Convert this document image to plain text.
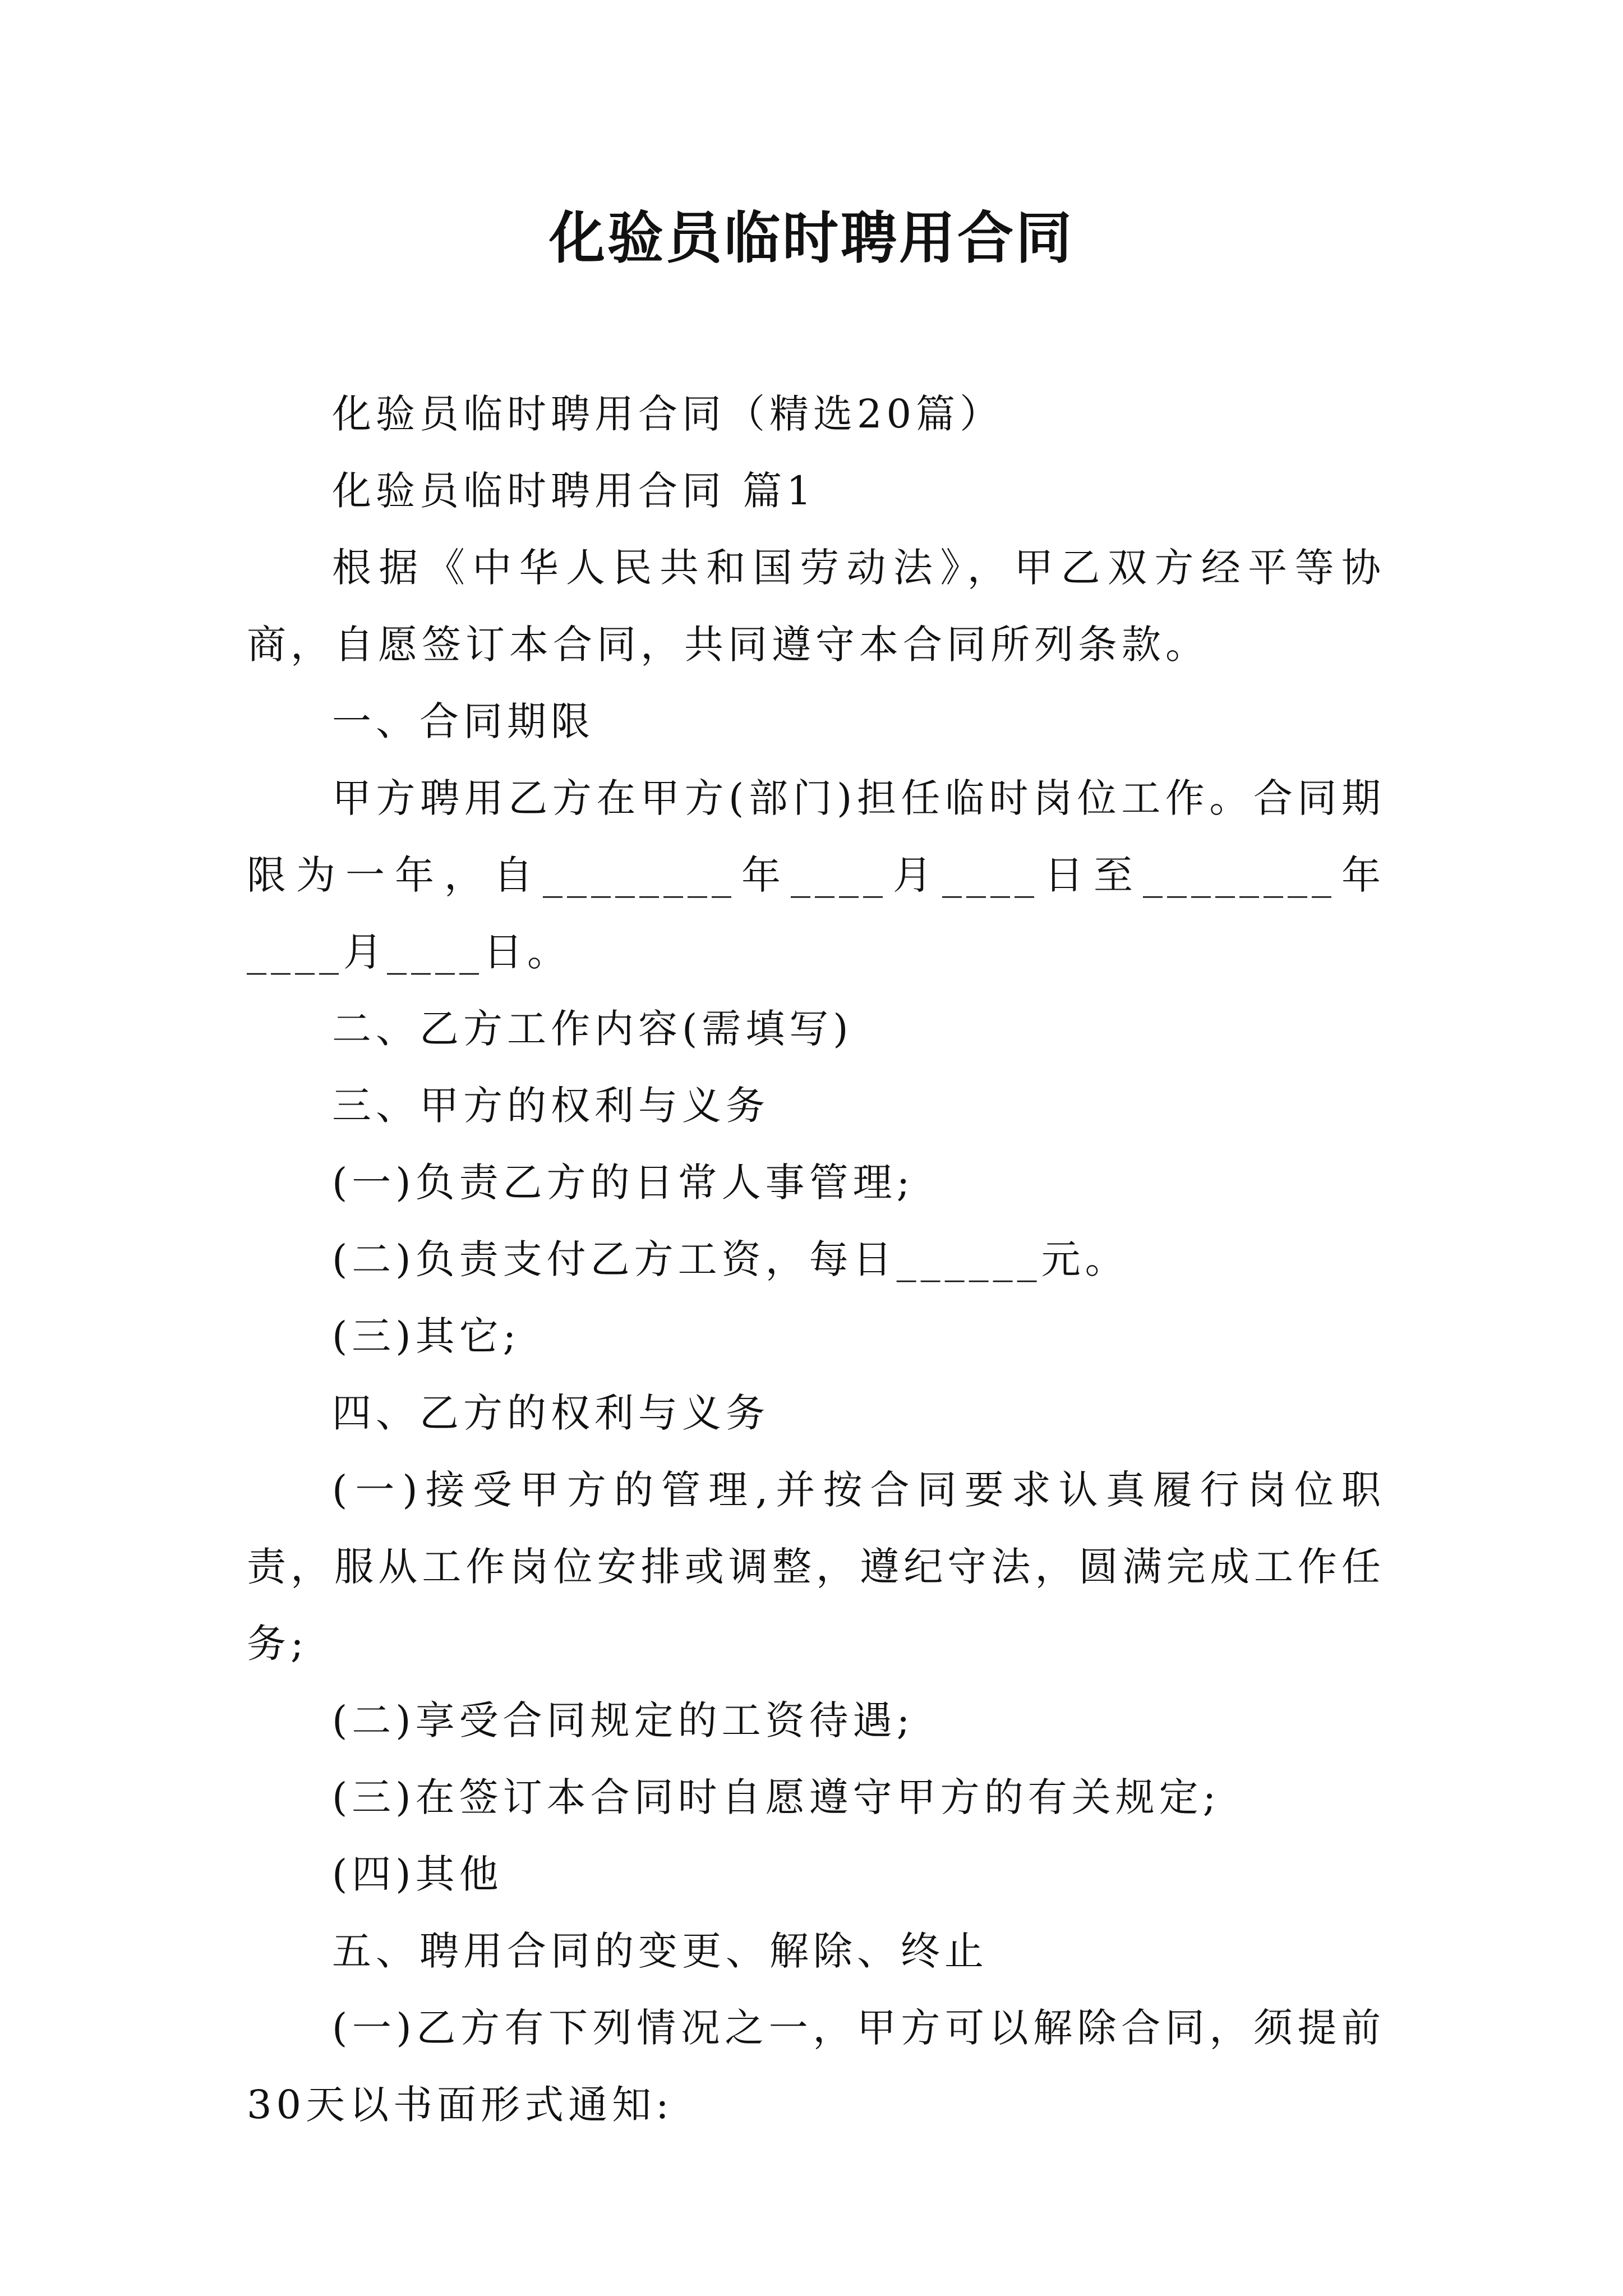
化验员临时聘用合同

化验员临时聘用合同（精选20篇）

化验员临时聘用合同 篇1

根据《中华人民共和国劳动法》，甲乙双方经平等协商，自愿签订本合同，共同遵守本合同所列条款。

一、合同期限

甲方聘用乙方在甲方(部门)担任临时岗位工作。合同期限为一年，自________年____月____日至________年____月____日。

二、乙方工作内容(需填写)

三、甲方的权利与义务

(一)负责乙方的日常人事管理;

(二)负责支付乙方工资，每日______元。

(三)其它;

四、乙方的权利与义务

(一)接受甲方的管理,并按合同要求认真履行岗位职责，服从工作岗位安排或调整，遵纪守法，圆满完成工作任务;

(二)享受合同规定的工资待遇;

(三)在签订本合同时自愿遵守甲方的有关规定;

(四)其他

五、聘用合同的变更、解除、终止

(一)乙方有下列情况之一，甲方可以解除合同，须提前30天以书面形式通知:
